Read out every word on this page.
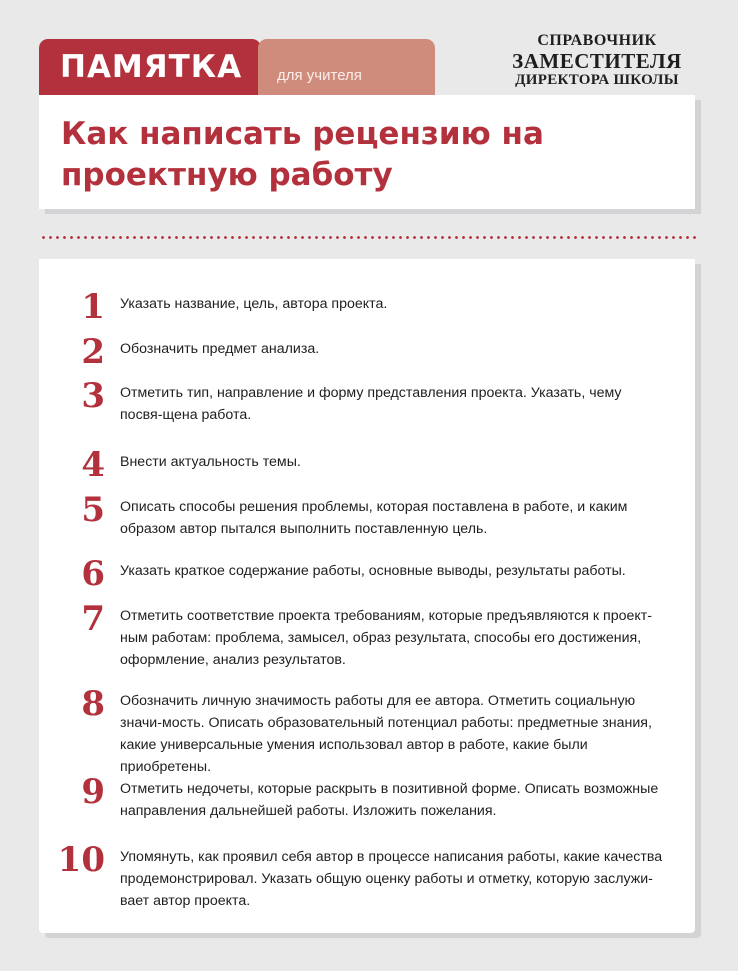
ПАМЯТКА для учителя
СПРАВОЧНИК
ЗАМЕСТИТЕЛЯ
ДИРЕКТОРА ШКОЛЫ
Как написать рецензию на проектную работу
1 Указать название, цель, автора проекта.
2 Обозначить предмет анализа.
3 Отметить тип, направление и форму представления проекта. Указать, чему посвя-щена работа.
4 Внести актуальность темы.
5 Описать способы решения проблемы, которая поставлена в работе, и каким образом автор пытался выполнить поставленную цель.
6 Указать краткое содержание работы, основные выводы, результаты работы.
7 Отметить соответствие проекта требованиям, которые предъявляются к проект-ным работам: проблема, замысел, образ результата, способы его достижения, оформление, анализ результатов.
8 Обозначить личную значимость работы для ее автора. Отметить социальную значи-мость. Описать образовательный потенциал работы: предметные знания, какие универсальные умения использовал автор в работе, какие были приобретены.
9 Отметить недочеты, которые раскрыть в позитивной форме. Описать возможные направления дальнейшей работы. Изложить пожелания.
10 Упомянуть, как проявил себя автор в процессе написания работы, какие качества продемонстрировал. Указать общую оценку работы и отметку, которую заслужи-вает автор проекта.
